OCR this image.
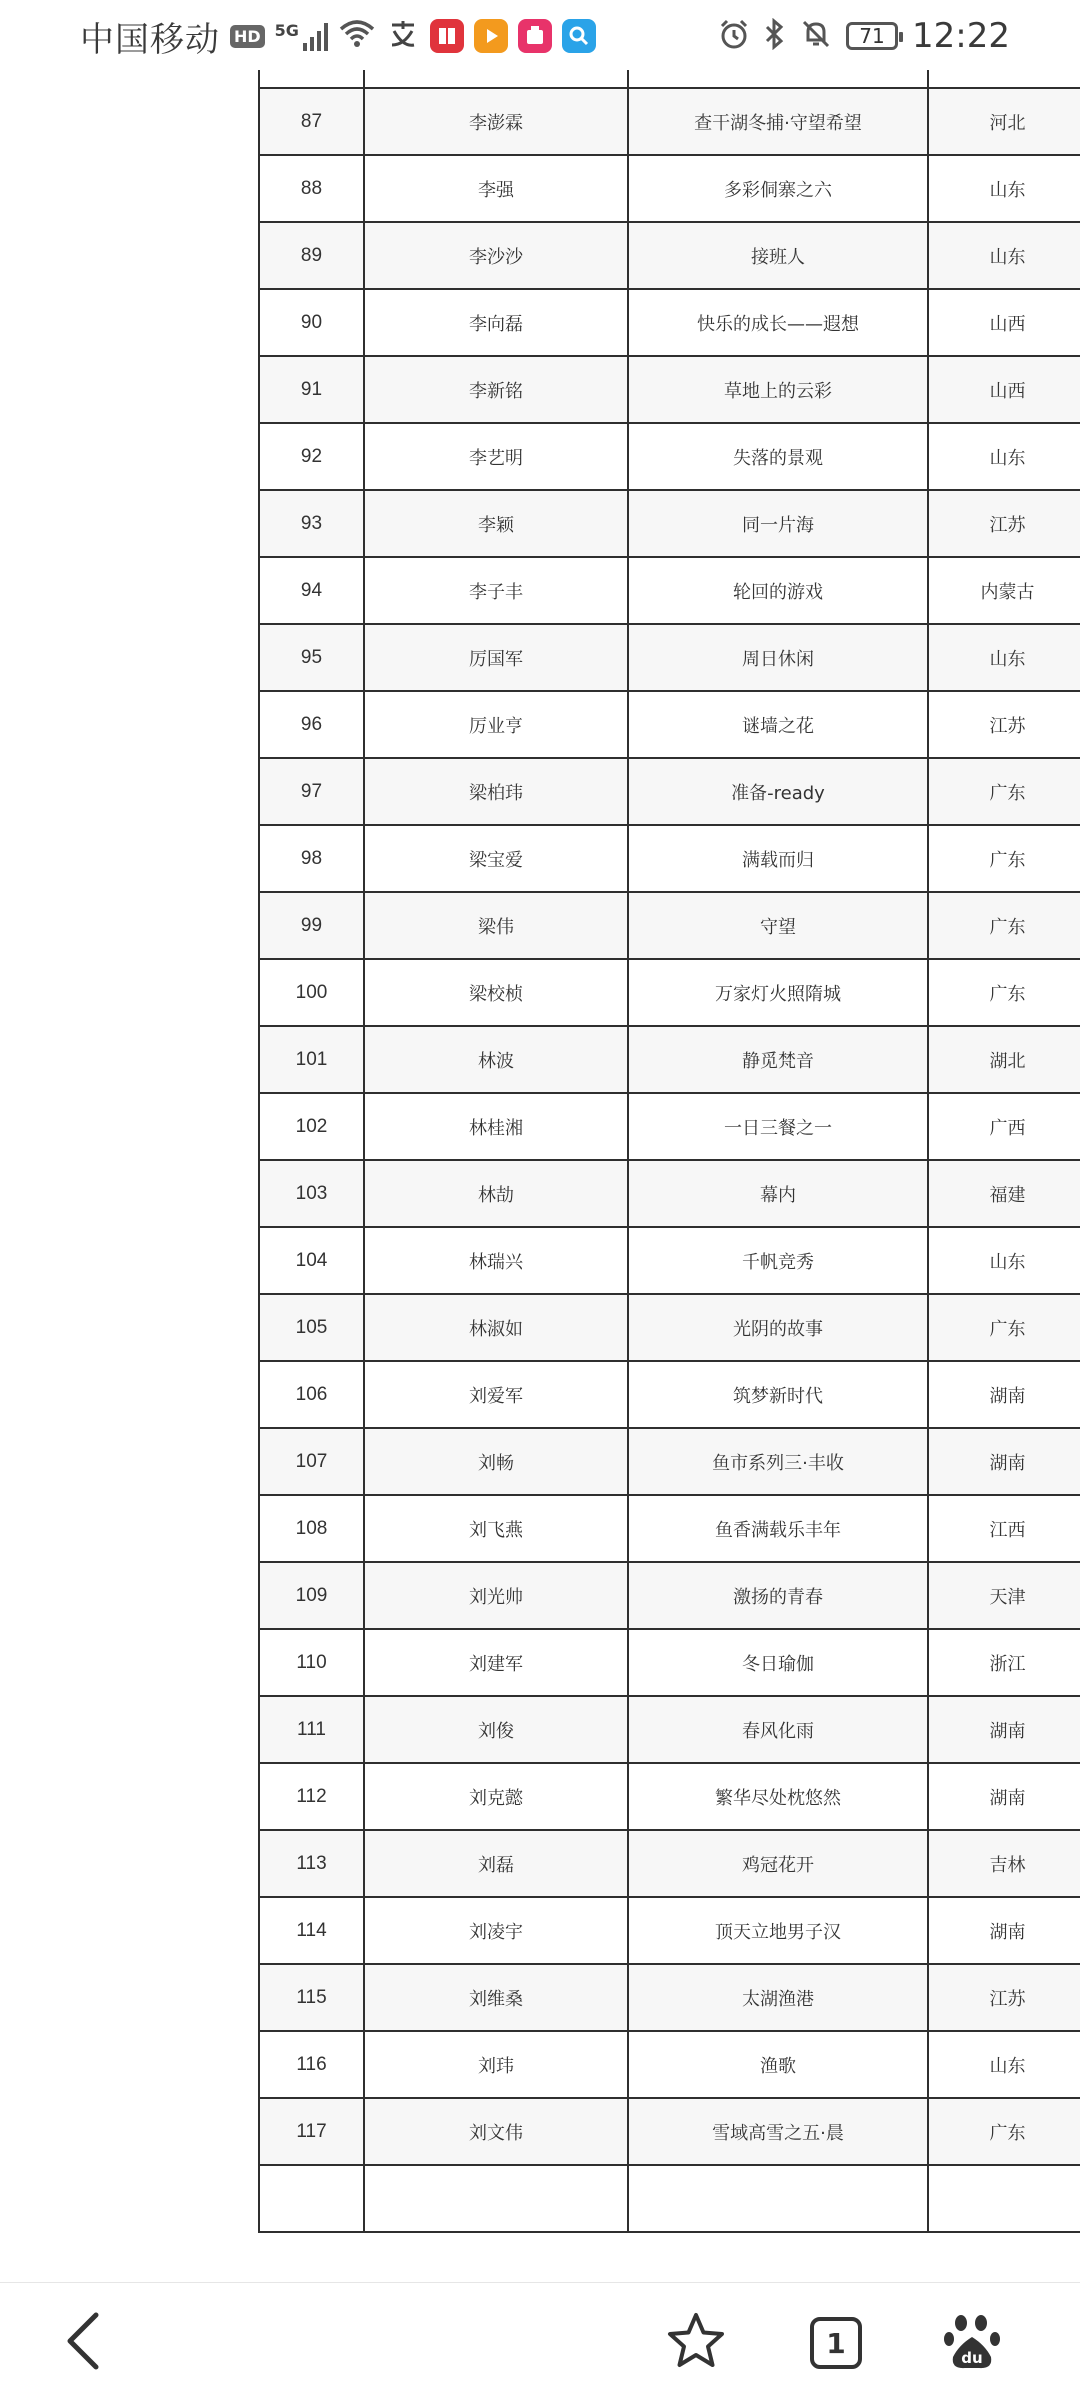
87	李澎霖	查干湖冬捕·守望希望	河北
88	李强	多彩侗寨之六	山东
89	李沙沙	接班人	山东
90	李向磊	快乐的成长——遐想	山西
91	李新铭	草地上的云彩	山西
92	李艺明	失落的景观	山东
93	李颖	同一片海	江苏
94	李子丰	轮回的游戏	内蒙古
95	厉国军	周日休闲	山东
96	厉业亨	谜墙之花	江苏
97	梁柏玮	准备-ready	广东
98	梁宝爱	满载而归	广东
99	梁伟	守望	广东
100	梁校桢	万家灯火照隋城	广东
101	林波	静觅梵音	湖北
102	林桂湘	一日三餐之一	广西
103	林劼	幕内	福建
104	林瑞兴	千帆竞秀	山东
105	林淑如	光阴的故事	广东
106	刘爱军	筑梦新时代	湖南
107	刘畅	鱼市系列三·丰收	湖南
108	刘飞燕	鱼香满载乐丰年	江西
109	刘光帅	激扬的青春	天津
110	刘建军	冬日瑜伽	浙江
111	刘俊	春风化雨	湖南
112	刘克懿	繁华尽处枕悠然	湖南
113	刘磊	鸡冠花开	吉林
114	刘凌宇	顶天立地男子汉	湖南
115	刘维桑	太湖渔港	江苏
116	刘玮	渔歌	山东
117	刘文伟	雪域高雪之五·晨	广东

中国移动 HD 5G	71 12:22
1	du
